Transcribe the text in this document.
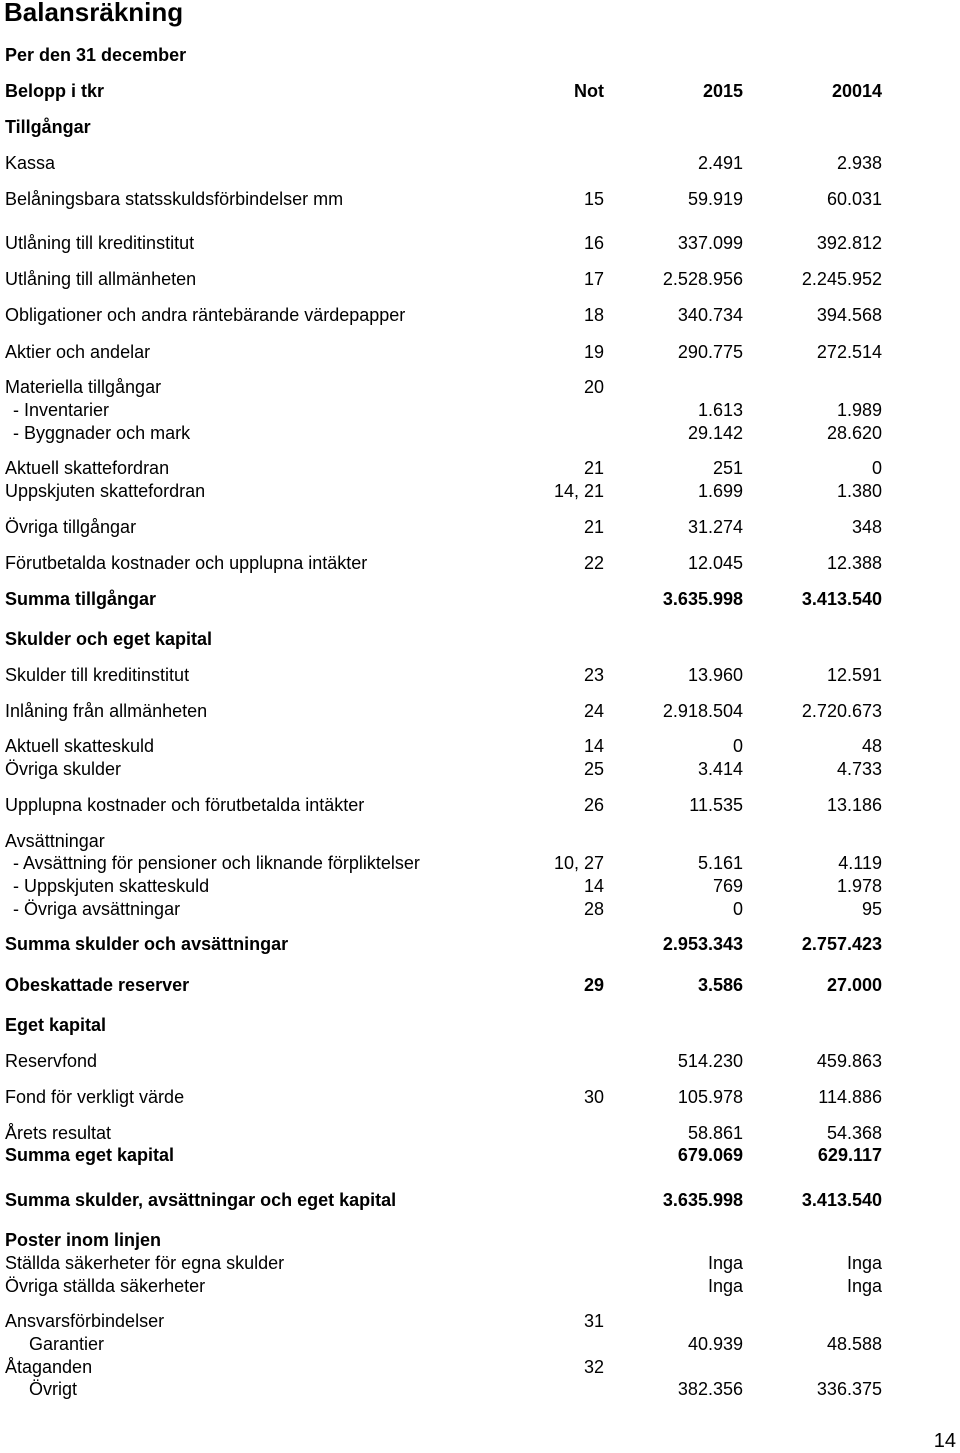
Balansräkning
Per den 31 december
Belopp i tkr	Not	2015	20014
Tillgångar
Kassa	2.491	2.938
Belåningsbara statsskuldsförbindelser mm	15	59.919	60.031
Utlåning till kreditinstitut	16	337.099	392.812
Utlåning till allmänheten	17	2.528.956	2.245.952
Obligationer och andra räntebärande värdepapper	18	340.734	394.568
Aktier och andelar	19	290.775	272.514
Materiella tillgångar	20
- Inventarier	1.613	1.989
- Byggnader och mark	29.142	28.620
Aktuell skattefordran	21	251	0
Uppskjuten skattefordran	14, 21	1.699	1.380
Övriga tillgångar	21	31.274	348
Förutbetalda kostnader och upplupna intäkter	22	12.045	12.388
Summa tillgångar	3.635.998	3.413.540
Skulder och eget kapital
Skulder till kreditinstitut	23	13.960	12.591
Inlåning från allmänheten	24	2.918.504	2.720.673
Aktuell skatteskuld	14	0	48
Övriga skulder	25	3.414	4.733
Upplupna kostnader och förutbetalda intäkter	26	11.535	13.186
Avsättningar
- Avsättning för pensioner och liknande förpliktelser	10, 27	5.161	4.119
- Uppskjuten skatteskuld	14	769	1.978
- Övriga avsättningar	28	0	95
Summa skulder och avsättningar	2.953.343	2.757.423
Obeskattade reserver	29	3.586	27.000
Eget kapital
Reservfond	514.230	459.863
Fond för verkligt värde	30	105.978	114.886
Årets resultat	58.861	54.368
Summa eget kapital	679.069	629.117
Summa skulder, avsättningar och eget kapital	3.635.998	3.413.540
Poster inom linjen
Ställda säkerheter för egna skulder	Inga	Inga
Övriga ställda säkerheter	Inga	Inga
Ansvarsförbindelser	31
Garantier	40.939	48.588
Åtaganden	32
Övrigt	382.356	336.375
14
